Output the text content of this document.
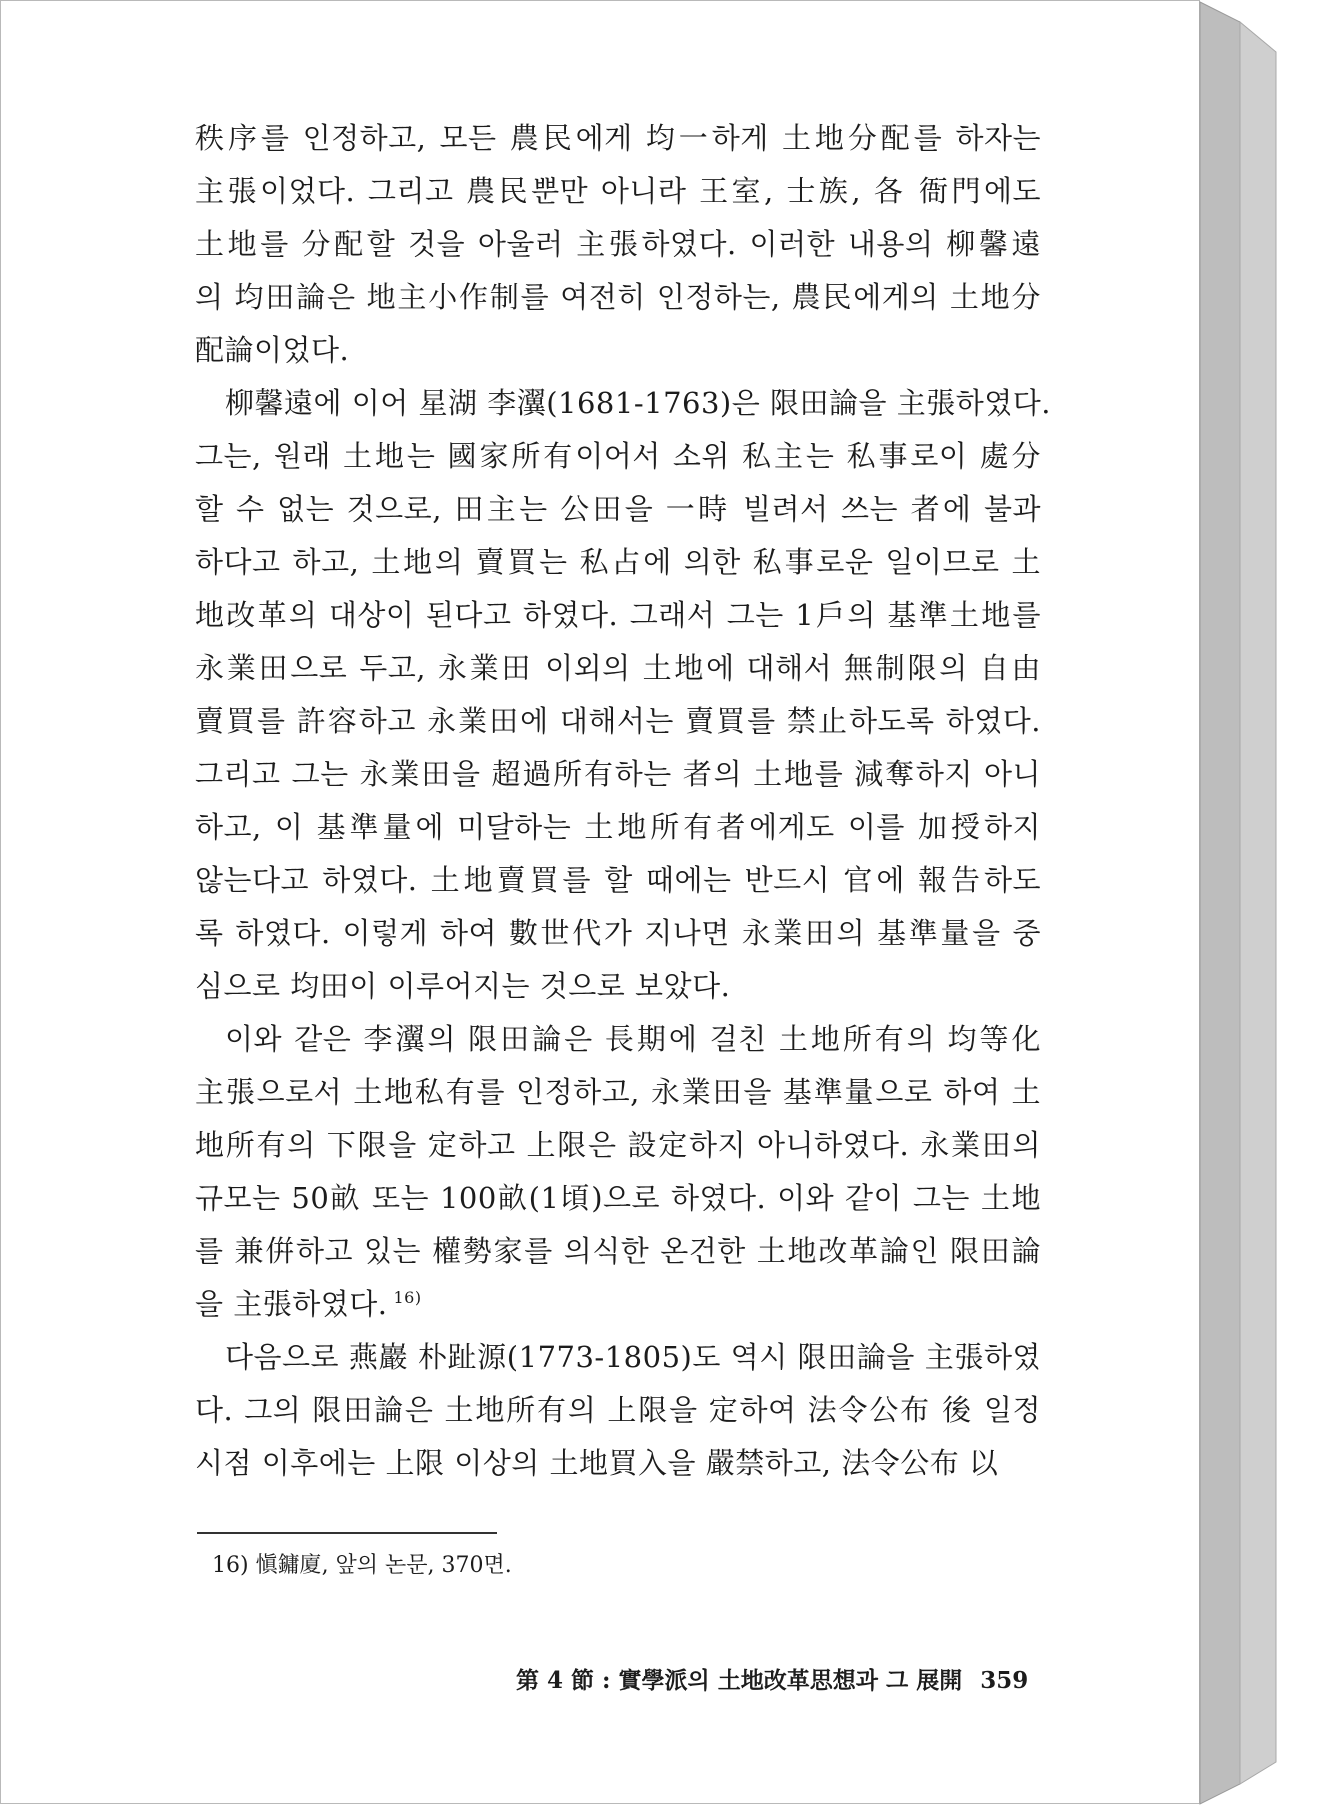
秩序를 인정하고, 모든 農民에게 均一하게 土地分配를 하자는
主張이었다. 그리고 農民뿐만 아니라 王室, 士族, 各 衙門에도
土地를 分配할 것을 아울러 主張하였다. 이러한 내용의 柳馨遠
의 均田論은 地主小作制를 여전히 인정하는, 農民에게의 土地分
配論이었다.
柳馨遠에 이어 星湖 李瀷(1681-1763)은 限田論을 主張하였다.
그는, 원래 土地는 國家所有이어서 소위 私主는 私事로이 處分
할 수 없는 것으로, 田主는 公田을 一時 빌려서 쓰는 者에 불과
하다고 하고, 土地의 賣買는 私占에 의한 私事로운 일이므로 土
地改革의 대상이 된다고 하였다. 그래서 그는 1戶의 基準土地를
永業田으로 두고, 永業田 이외의 土地에 대해서 無制限의 自由
賣買를 許容하고 永業田에 대해서는 賣買를 禁止하도록 하였다.
그리고 그는 永業田을 超過所有하는 者의 土地를 減奪하지 아니
하고, 이 基準量에 미달하는 土地所有者에게도 이를 加授하지
않는다고 하였다. 土地賣買를 할 때에는 반드시 官에 報告하도
록 하였다. 이렇게 하여 數世代가 지나면 永業田의 基準量을 중
심으로 均田이 이루어지는 것으로 보았다.
이와 같은 李瀷의 限田論은 長期에 걸친 土地所有의 均等化
主張으로서 土地私有를 인정하고, 永業田을 基準量으로 하여 土
地所有의 下限을 定하고 上限은 設定하지 아니하였다. 永業田의
규모는 50畝 또는 100畝(1頃)으로 하였다. 이와 같이 그는 土地
를 兼倂하고 있는 權勢家를 의식한 온건한 土地改革論인 限田論
을 主張하였다. $^{16)}$
다음으로 燕巖 朴趾源(1773-1805)도 역시 限田論을 主張하였
다. 그의 限田論은 土地所有의 上限을 定하여 法令公布 後 일정
시점 이후에는 上限 이상의 土地買入을 嚴禁하고, 法令公布 以
16) 愼鏞廈, 앞의 논문, 370면.
第 4 節 : 實學派의 土地改革思想과 그 展開 359
